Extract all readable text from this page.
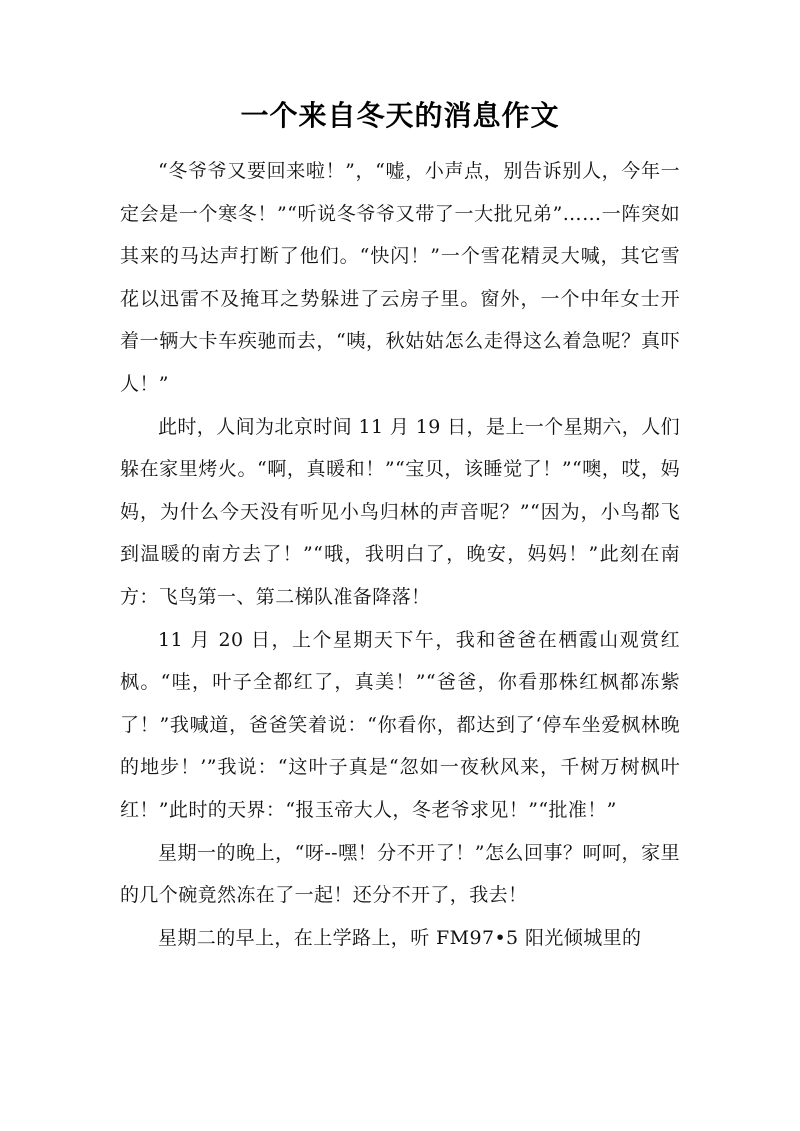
一个来自冬天的消息作文

“冬爷爷又要回来啦！”，“嘘，小声点，别告诉别人，今年一定会是一个寒冬！”“听说冬爷爷又带了一大批兄弟”……一阵突如其来的马达声打断了他们。“快闪！”一个雪花精灵大喊，其它雪花以迅雷不及掩耳之势躲进了云房子里。窗外，一个中年女士开着一辆大卡车疾驰而去，“咦，秋姑姑怎么走得这么着急呢？真吓人！”

此时，人间为北京时间 11 月 19 日，是上一个星期六，人们躲在家里烤火。“啊，真暖和！”“宝贝，该睡觉了！”“噢，哎，妈妈，为什么今天没有听见小鸟归林的声音呢？”“因为，小鸟都飞到温暖的南方去了！”“哦，我明白了，晚安，妈妈！”此刻在南方：飞鸟第一、第二梯队准备降落！

11 月 20 日，上个星期天下午，我和爸爸在栖霞山观赏红枫。“哇，叶子全都红了，真美！”“爸爸，你看那株红枫都冻紫了！”我喊道，爸爸笑着说：“你看你，都达到了‘停车坐爱枫林晚的地步！’”我说：“这叶子真是“忽如一夜秋风来，千树万树枫叶红！”此时的天界：“报玉帝大人，冬老爷求见！”“批准！”

星期一的晚上，“呀--嘿！分不开了！”怎么回事？呵呵，家里的几个碗竟然冻在了一起！还分不开了，我去！

星期二的早上，在上学路上，听 FM97•5 阳光倾城里的
